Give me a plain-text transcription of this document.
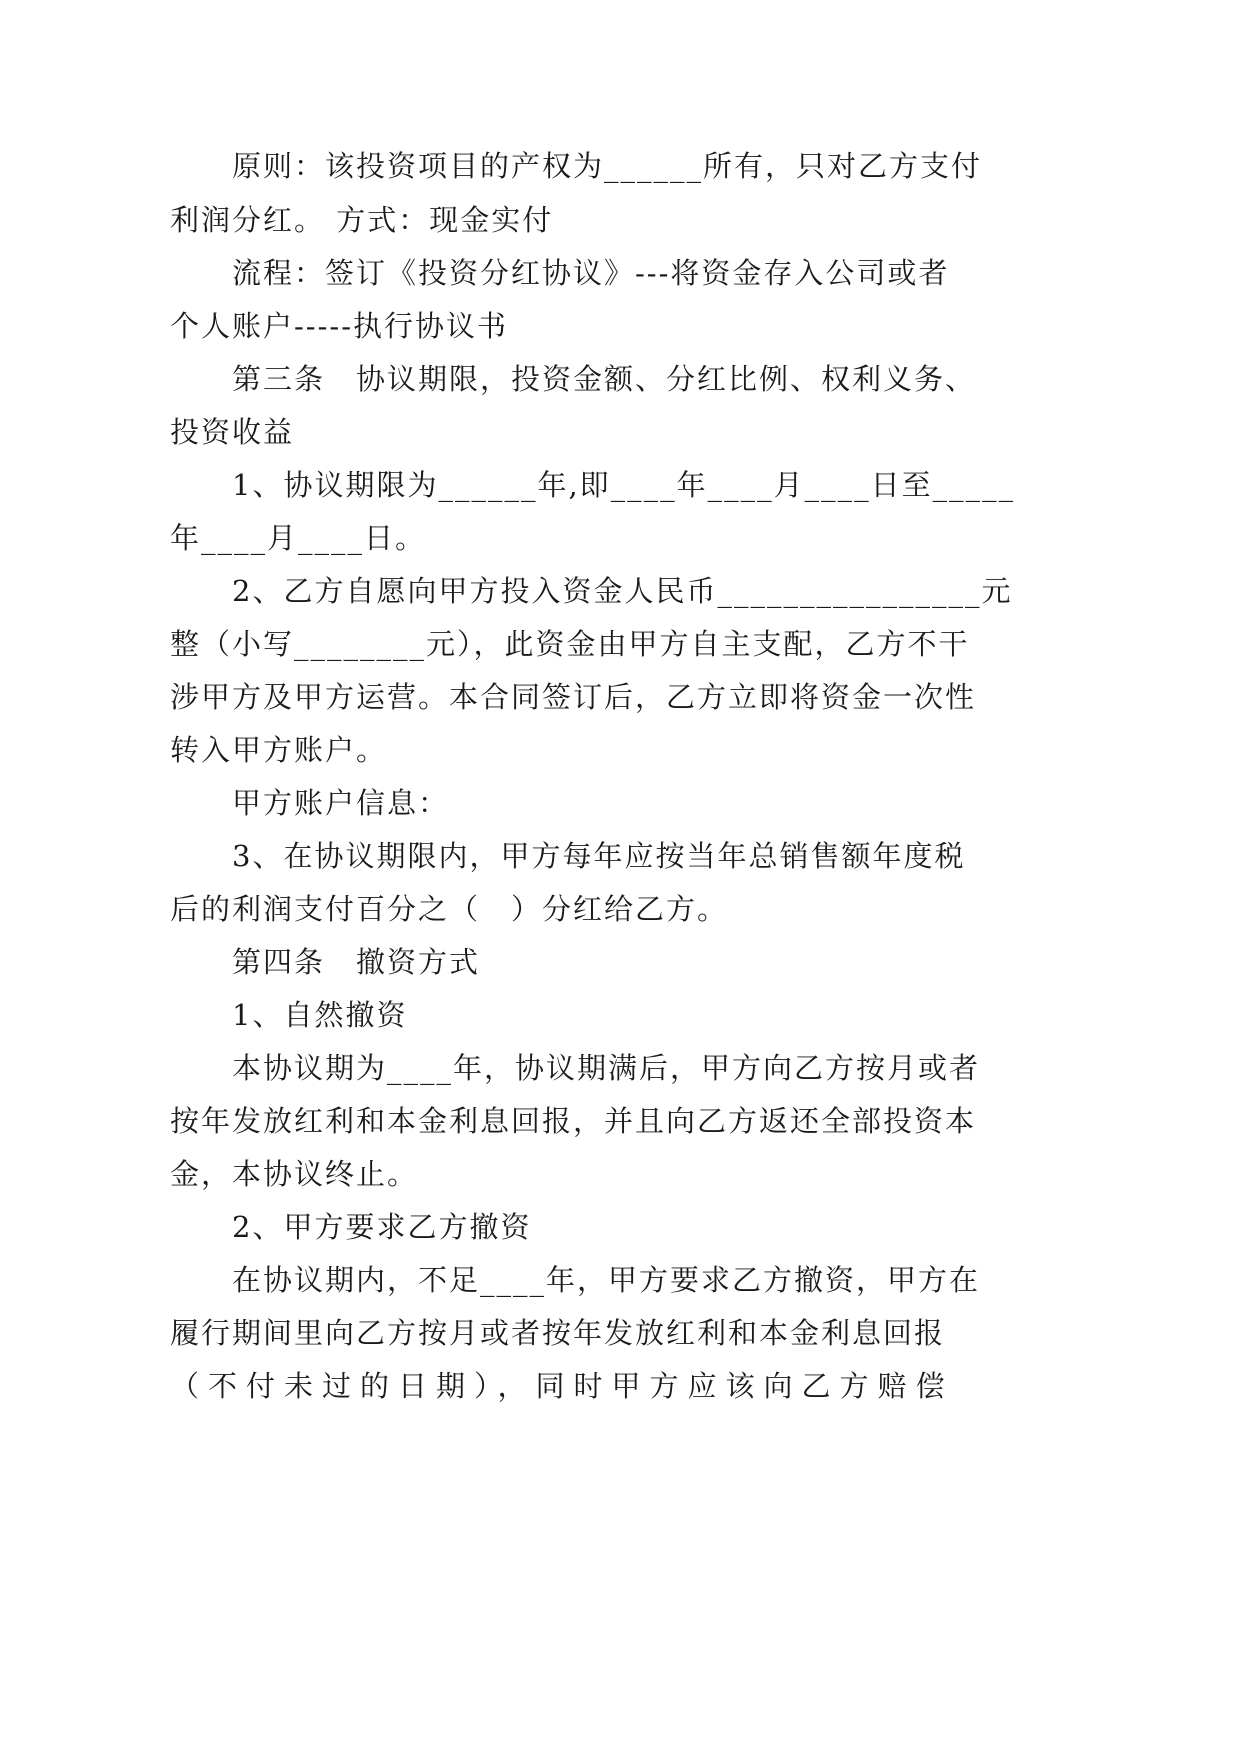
原则：该投资项目的产权为______所有，只对乙方支付
利润分红。 方式：现金实付
流程：签订《投资分红协议》---将资金存入公司或者
个人账户-----执行协议书
第三条　协议期限，投资金额、分红比例、权利义务、
投资收益
1、协议期限为______年,即____年____月____日至_____
年____月____日。
2、乙方自愿向甲方投入资金人民币________________元
整（小写________元），此资金由甲方自主支配，乙方不干
涉甲方及甲方运营。本合同签订后，乙方立即将资金一次性
转入甲方账户。
甲方账户信息：
3、在协议期限内，甲方每年应按当年总销售额年度税
后的利润支付百分之（　）分红给乙方。
第四条　撤资方式
1、自然撤资
本协议期为____年，协议期满后，甲方向乙方按月或者
按年发放红利和本金利息回报，并且向乙方返还全部投资本
金，本协议终止。
2、甲方要求乙方撤资
在协议期内，不足____年，甲方要求乙方撤资，甲方在
履行期间里向乙方按月或者按年发放红利和本金利息回报
（不付未过的日期），同时甲方应该向乙方赔偿
